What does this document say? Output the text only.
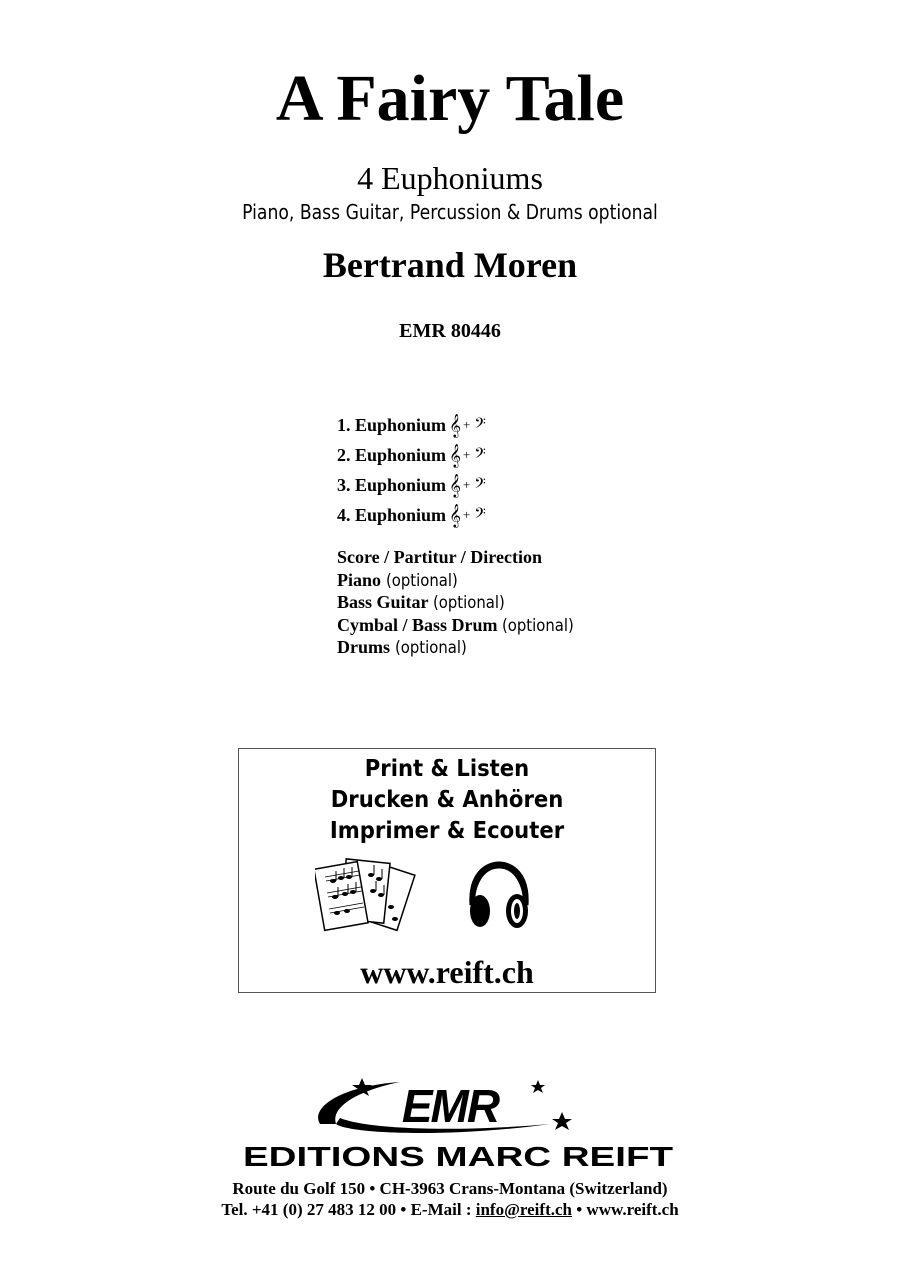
A Fairy Tale
4 Euphoniums
Piano, Bass Guitar, Percussion & Drums optional
Bertrand Moren
EMR 80446
1. Euphonium 𝄞 + 𝄢
2. Euphonium 𝄞 + 𝄢
3. Euphonium 𝄞 + 𝄢
4. Euphonium 𝄞 + 𝄢
Score / Partitur / Direction
Piano (optional)
Bass Guitar (optional)
Cymbal / Bass Drum (optional)
Drums (optional)
Print & Listen
Drucken & Anhören
Imprimer & Ecouter
www.reift.ch
EMR
EDITIONS MARC REIFT
Route du Golf 150 • CH-3963 Crans-Montana (Switzerland)
Tel. +41 (0) 27 483 12 00 • E-Mail : info@reift.ch • www.reift.ch
